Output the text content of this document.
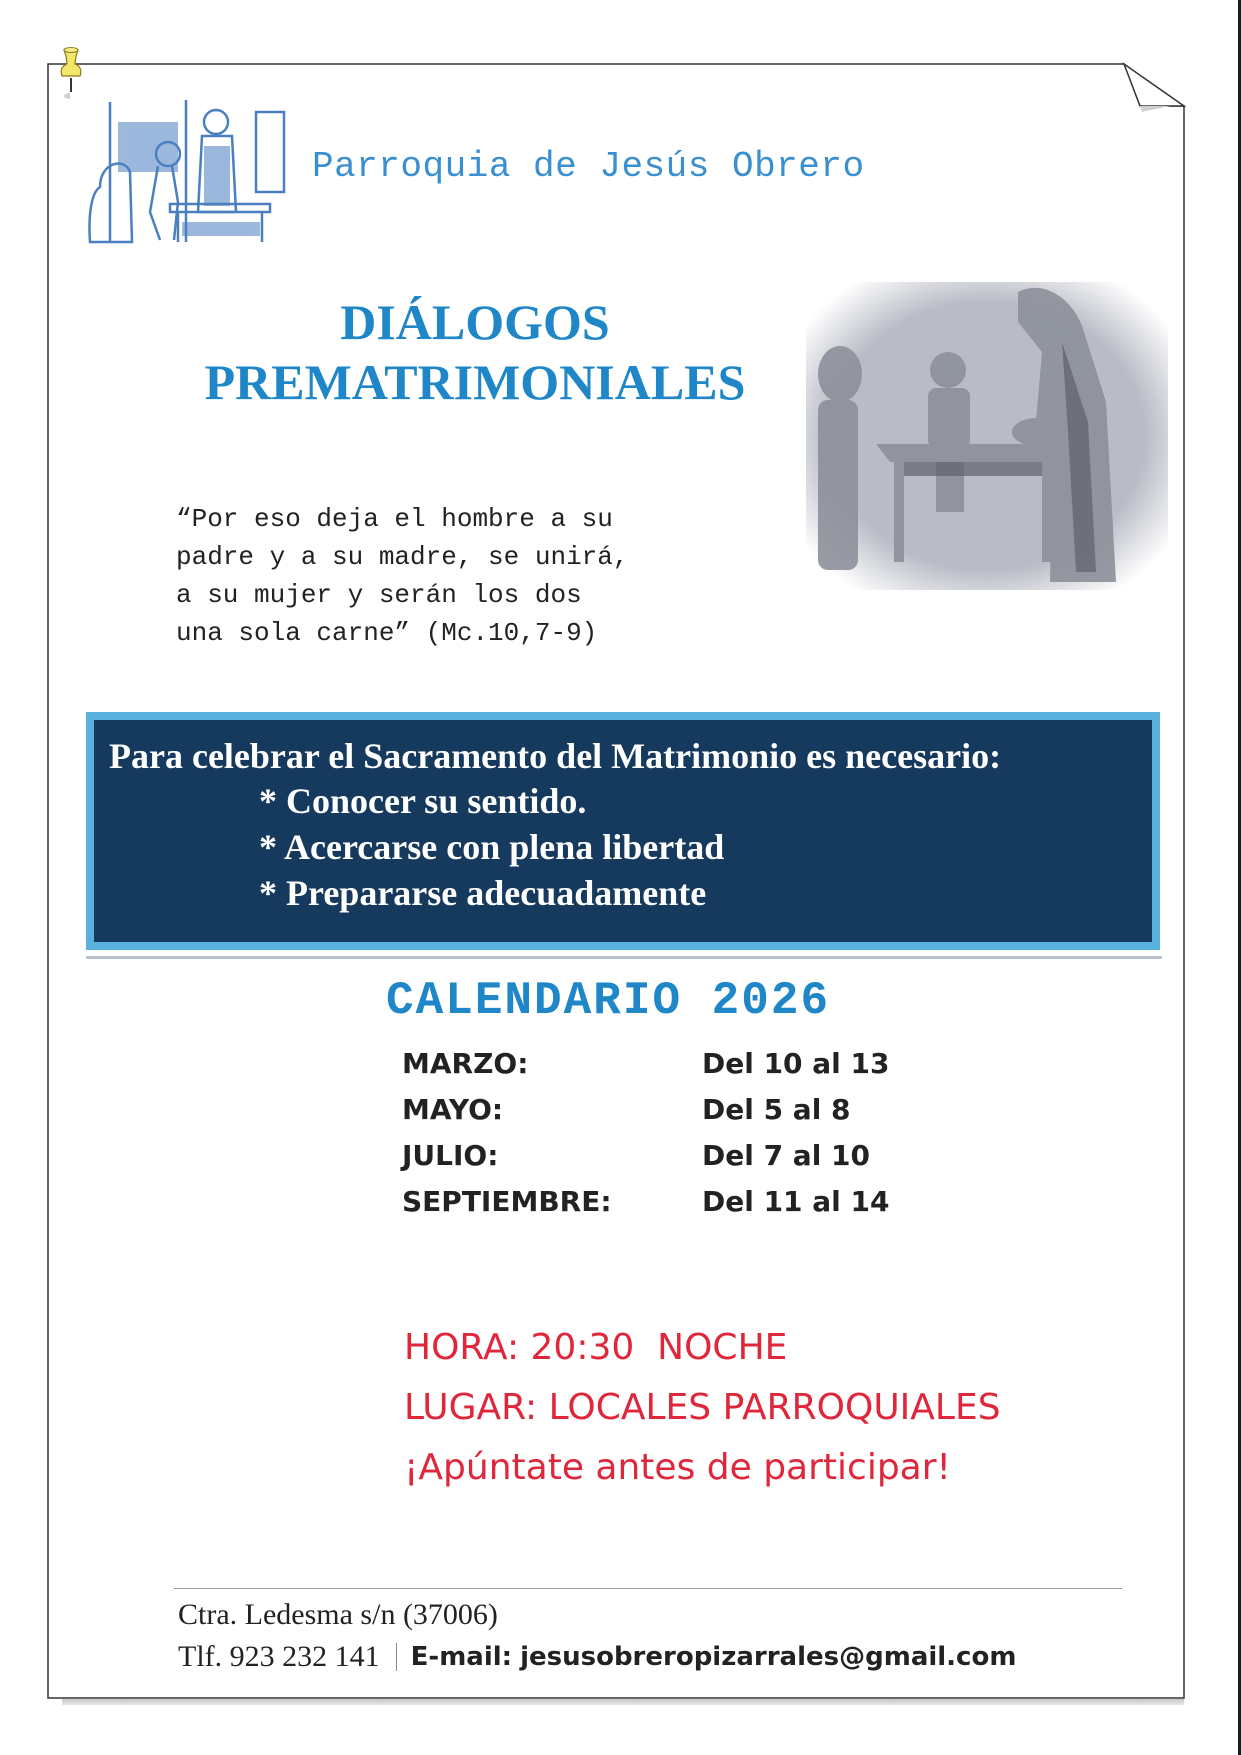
Parroquia de Jesús Obrero
DIÁLOGOS
PREMATRIMONIALES
“Por eso deja el hombre a su
padre y a su madre, se unirá,
a su mujer y serán los dos
una sola carne” (Mc.10,7-9)
Para celebrar el Sacramento del Matrimonio es necesario:
* Conocer su sentido.
* Acercarse con plena libertad
* Prepararse adecuadamente
CALENDARIO 2026
MARZO:	Del 10 al 13
MAYO:	Del 5 al 8
JULIO:	Del 7 al 10
SEPTIEMBRE:	Del 11 al 14
HORA: 20:30  NOCHE
LUGAR: LOCALES PARROQUIALES
¡Apúntate antes de participar!
Ctra. Ledesma s/n (37006)
Tlf. 923 232 141 E-mail: jesusobreropizarrales@gmail.com
